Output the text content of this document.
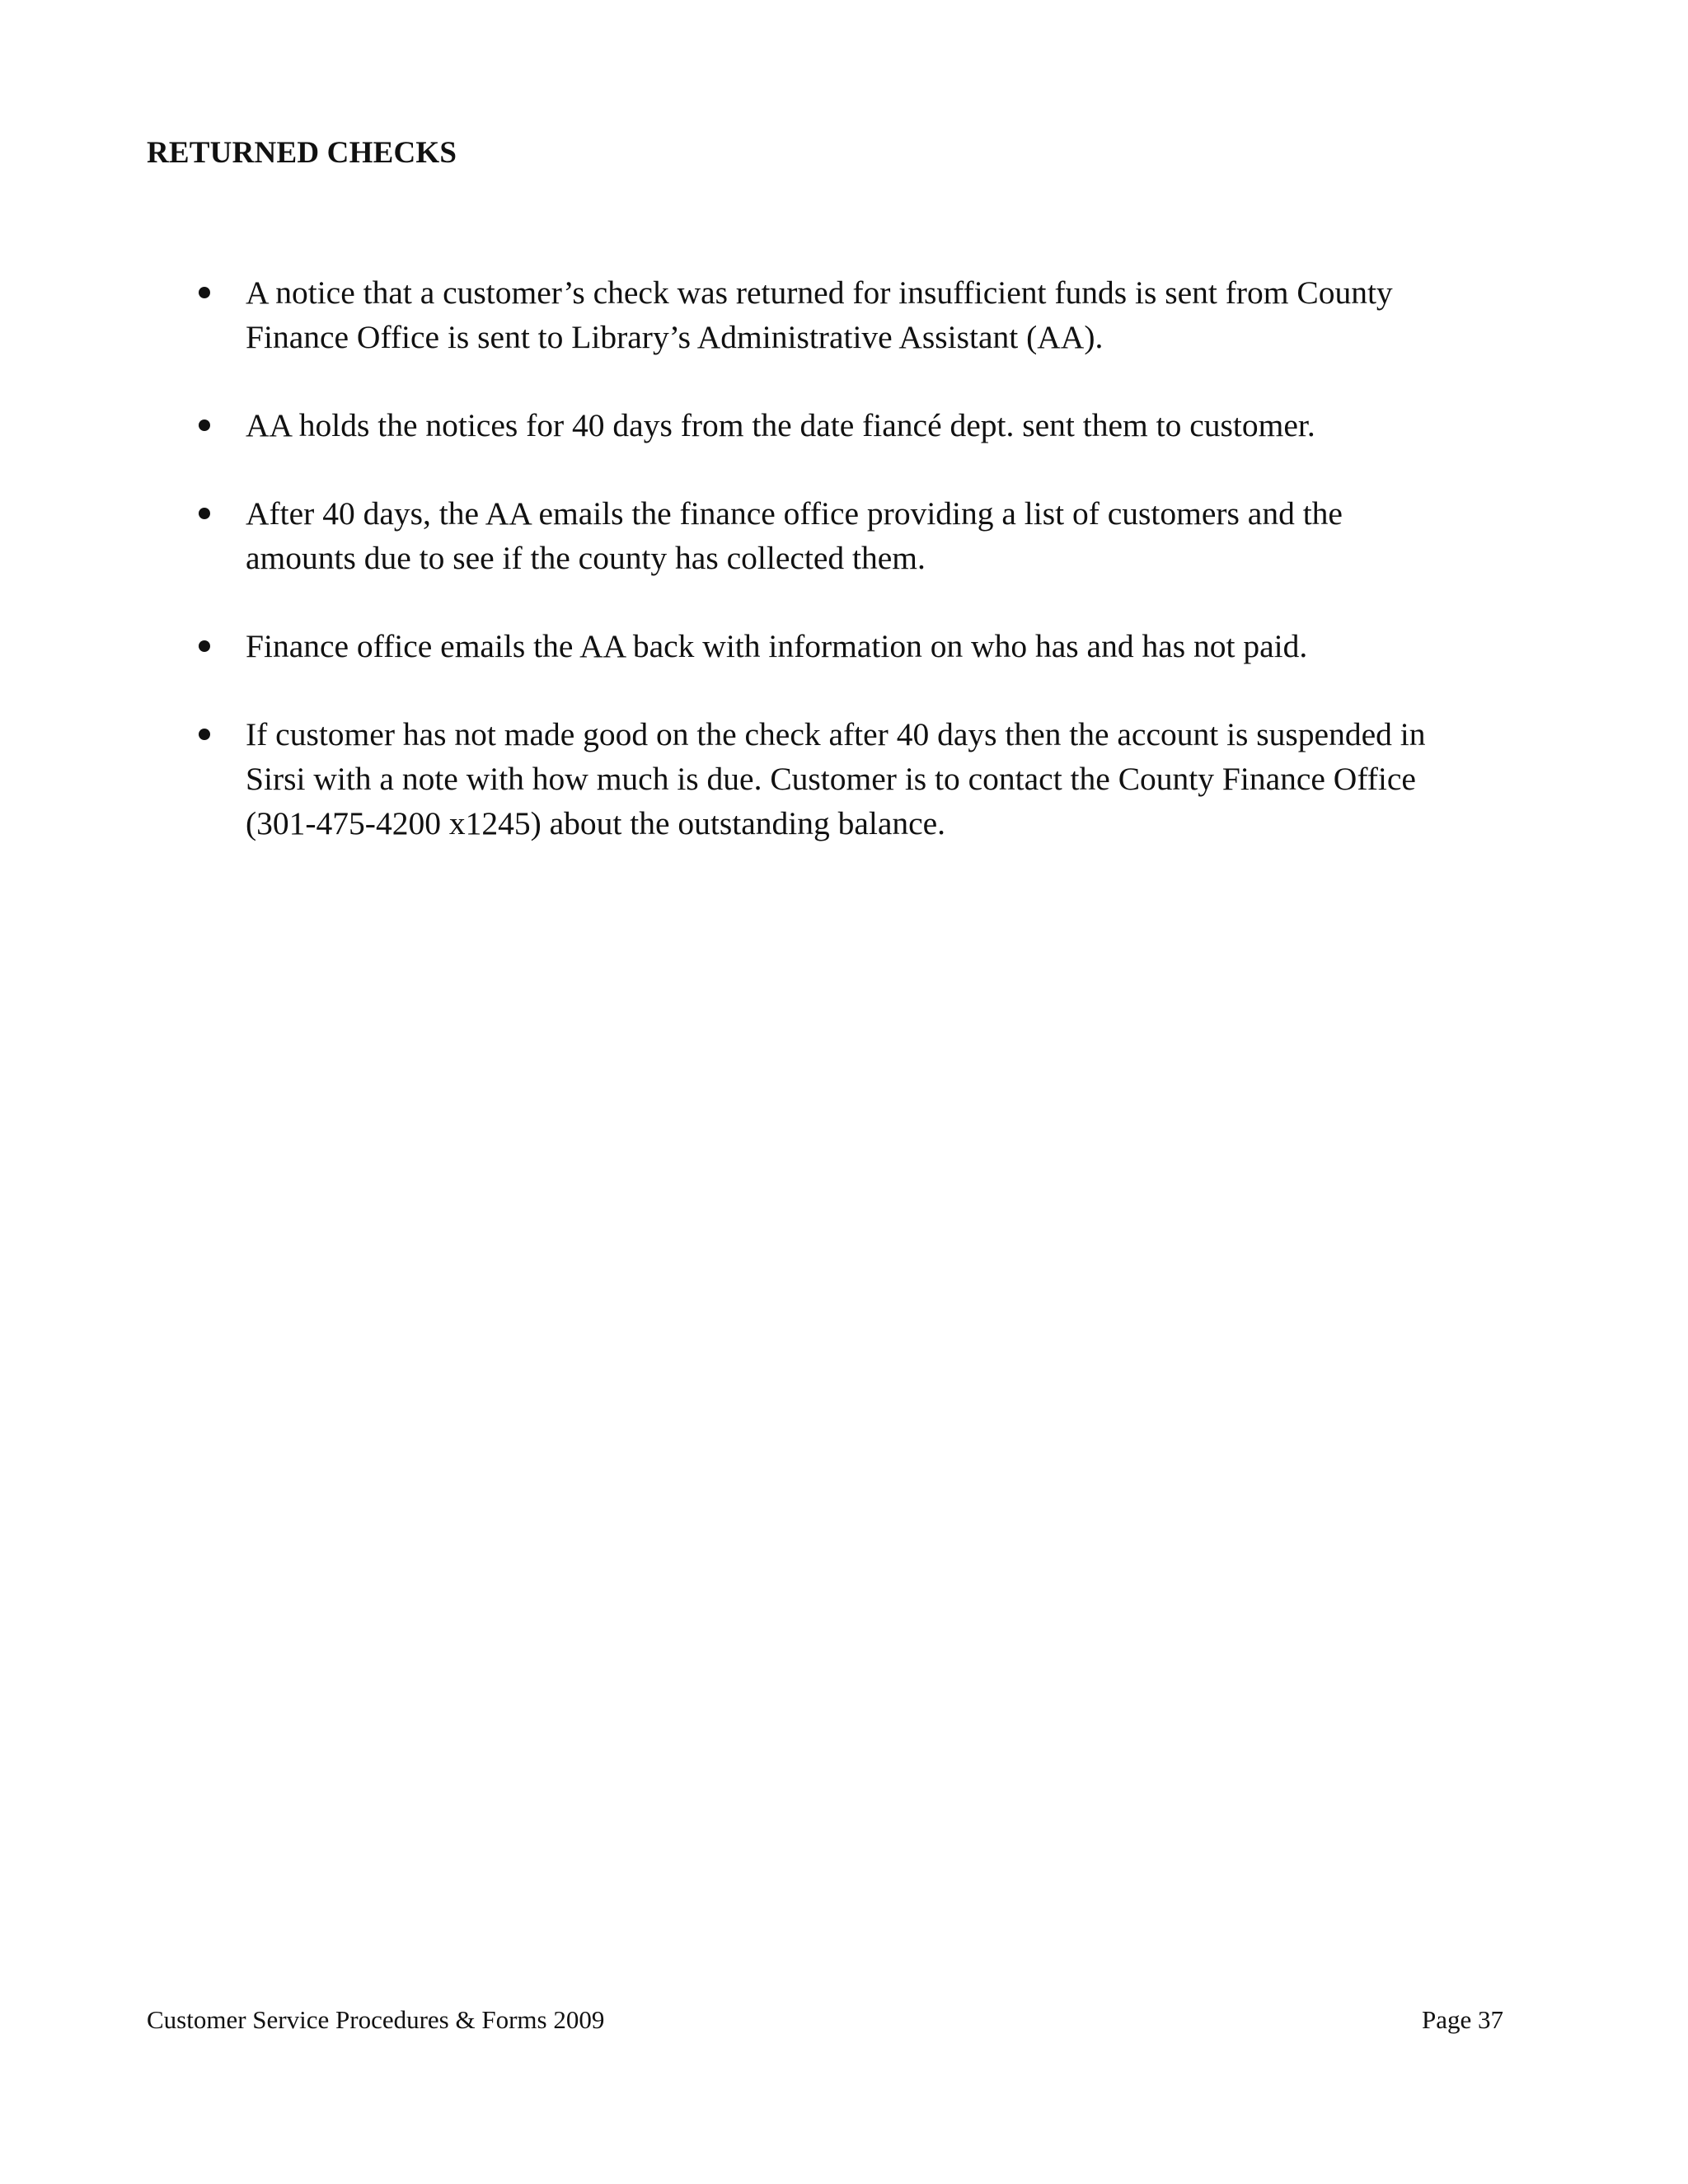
RETURNED CHECKS
A notice that a customer’s check was returned for insufficient funds is sent from County
Finance Office is sent to Library’s Administrative Assistant (AA).
AA holds the notices for 40 days from the date fiancé dept. sent them to customer.
After 40 days, the AA emails the finance office providing a list of customers and the
amounts due to see if the county has collected them.
Finance office emails the AA back with information on who has and has not paid.
If customer has not made good on the check after 40 days then the account is suspended in
Sirsi with a note with how much is due. Customer is to contact the County Finance Office
(301-475-4200 x1245) about the outstanding balance.
Customer Service Procedures & Forms 2009	Page 37
